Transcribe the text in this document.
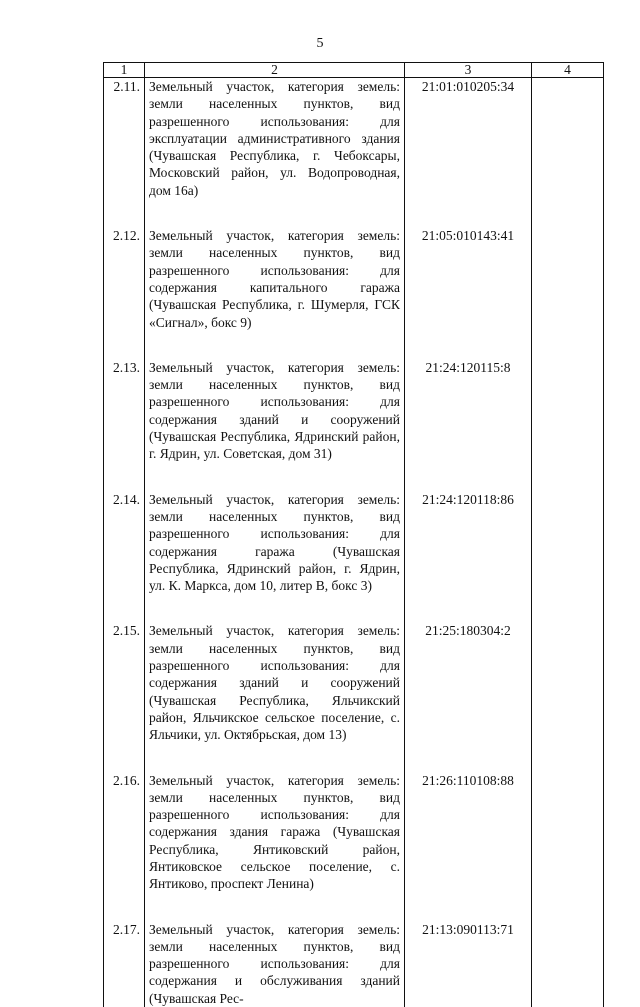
5
1	2	3	4
2.11.	Земельный участок, категория земель: земли населенных пунктов, вид разрешенного использования: для эксплуатации административного здания (Чувашская Республика, г. Чебоксары, Московский район, ул. Водопроводная, дом 16а)	21:01:010205:34	
2.12.	Земельный участок, категория земель: земли населенных пунктов, вид разрешенного использования: для содержания капитального гаража (Чувашская Республика, г. Шумерля, ГСК «Сигнал», бокс 9)	21:05:010143:41	
2.13.	Земельный участок, категория земель: земли населенных пунктов, вид разрешенного использования: для содержания зданий и сооружений (Чувашская Республика, Ядринский район, г. Ядрин, ул. Советская, дом 31)	21:24:120115:8	
2.14.	Земельный участок, категория земель: земли населенных пунктов, вид разрешенного использования: для содержания гаража (Чувашская Республика, Ядринский район, г. Ядрин, ул. К. Маркса, дом 10, литер В, бокс 3)	21:24:120118:86	
2.15.	Земельный участок, категория земель: земли населенных пунктов, вид разрешенного использования: для содержания зданий и сооружений (Чувашская Республика, Яльчикский район, Яльчикское сельское поселение, с. Яльчики, ул. Октябрьская, дом 13)	21:25:180304:2	
2.16.	Земельный участок, категория земель: земли населенных пунктов, вид разрешенного использования: для содержания здания гаража (Чувашская Республика, Янтиковский район, Янтиковское сельское поселение, с. Янтиково, проспект Ленина)	21:26:110108:88	
2.17.	Земельный участок, категория земель: земли населенных пунктов, вид разрешенного использования: для содержания и обслуживания зданий (Чувашская Рес-	21:13:090113:71	
